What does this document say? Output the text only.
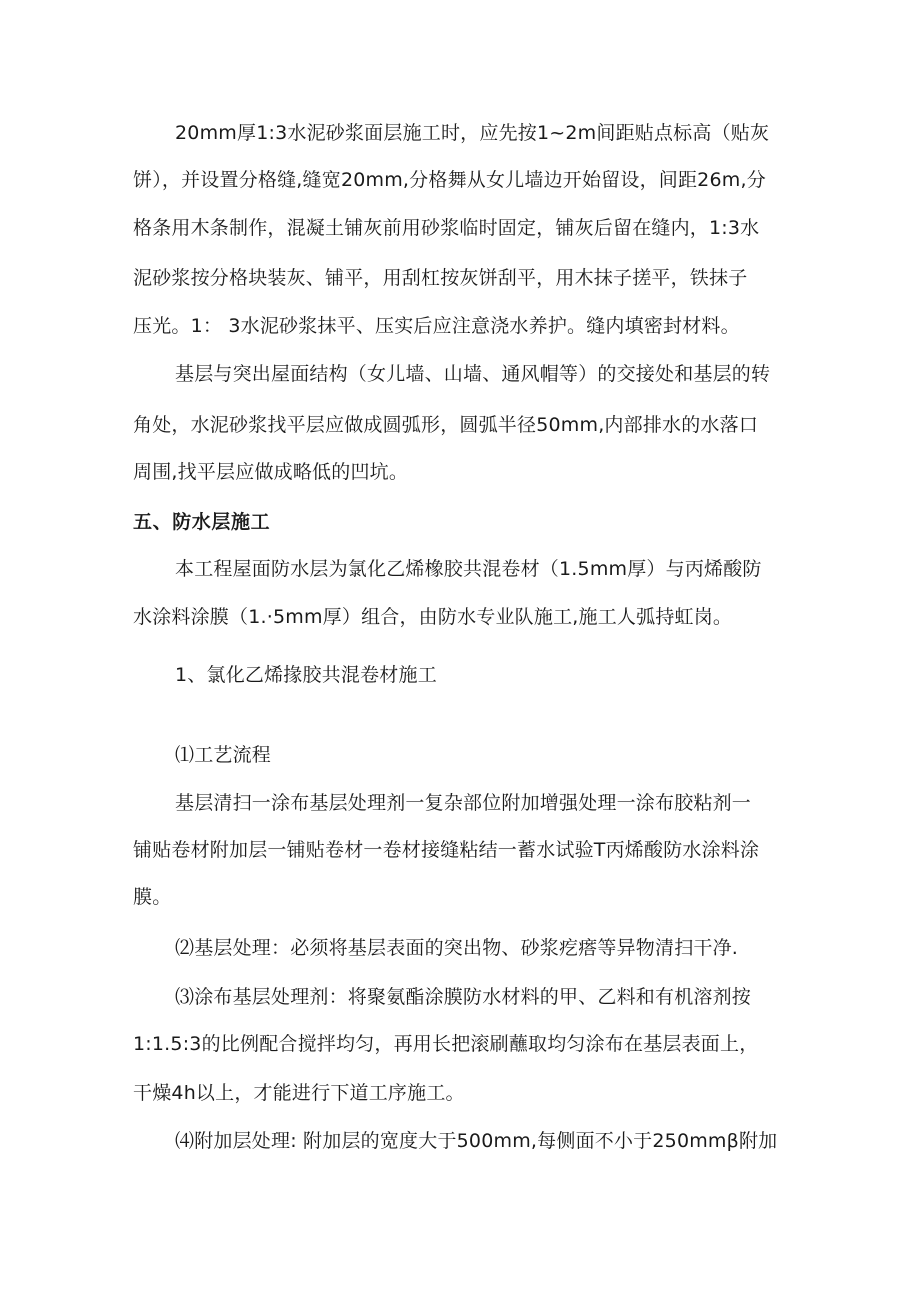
20mm厚1:3水泥砂浆面层施工时，应先按1~2m间距贴点标高（贴灰
饼），并设置分格缝,缝宽20mm,分格舞从女儿墙边开始留设，间距26m,分
格条用木条制作，混凝土铺灰前用砂浆临时固定，铺灰后留在缝内，1:3水
泥砂浆按分格块装灰、铺平，用刮杠按灰饼刮平，用木抹子搓平，铁抹子
压光。1： 3水泥砂浆抹平、压实后应注意浇水养护。缝内填密封材料。
基层与突出屋面结构（女儿墙、山墙、通风帽等）的交接处和基层的转
角处，水泥砂浆找平层应做成圆弧形，圆弧半径50mm,内部排水的水落口
周围,找平层应做成略低的凹坑。
五、防水层施工
本工程屋面防水层为氯化乙烯橡胶共混卷材（1.5mm厚）与丙烯酸防
水涂料涂膜（1.·5mm厚）组合，由防水专业队施工,施工人弧持虹岗。
1、氯化乙烯掾胶共混卷材施工
⑴工艺流程
基层清扫一涂布基层处理剂一复杂部位附加增强处理一涂布胶粘剂一
铺贴卷材附加层一铺贴卷材一卷材接缝粘结一蓄水试验T丙烯酸防水涂料涂
膜。
⑵基层处理：必须将基层表面的突出物、砂浆疙瘩等异物清扫干净.
⑶涂布基层处理剂：将聚氨酯涂膜防水材料的甲、乙料和有机溶剂按
1:1.5:3的比例配合搅拌均匀，再用长把滚刷蘸取均匀涂布在基层表面上，
干燥4h以上，才能进行下道工序施工。
⑷附加层处理: 附加层的宽度大于500mm,每侧面不小于250mmβ附加
